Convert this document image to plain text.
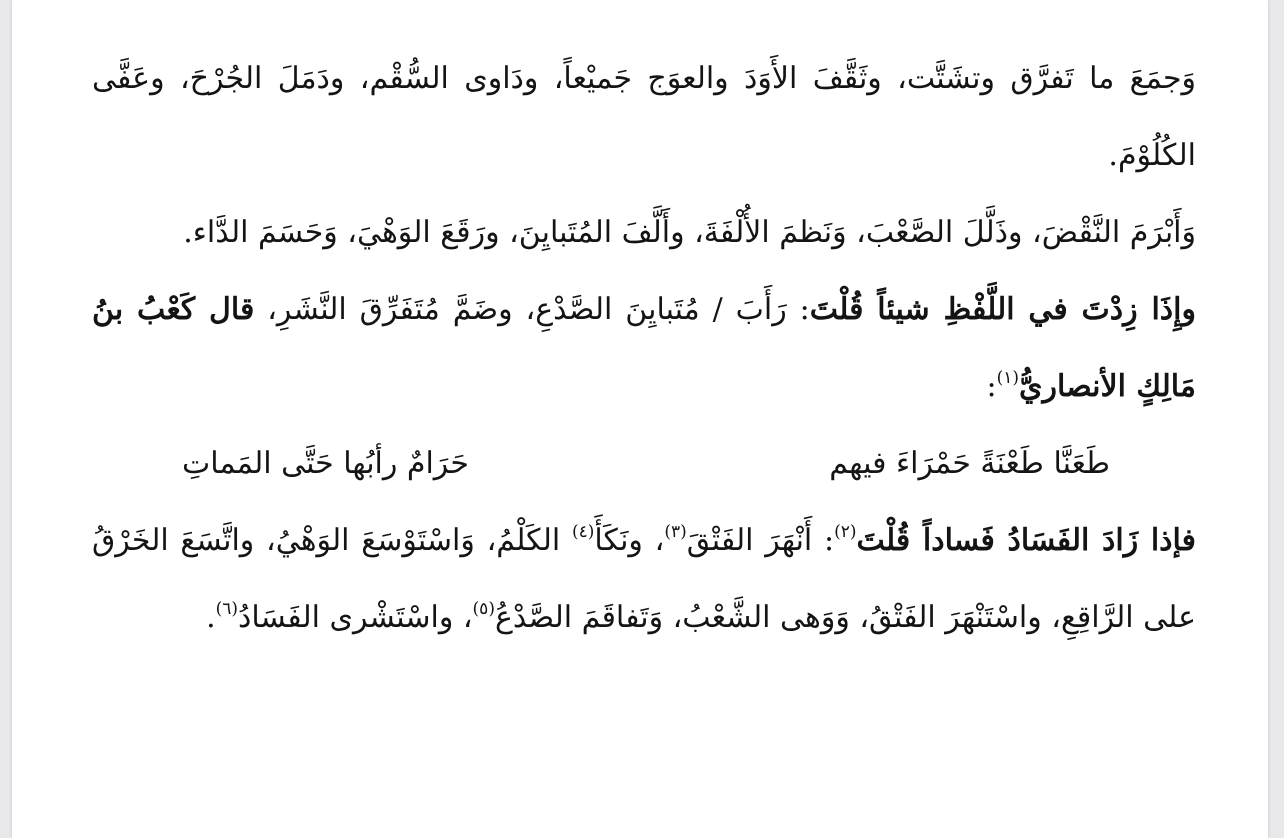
وَجمَعَ ما تَفرَّق وتشَتَّت، وثَقَّفَ الأَوَدَ والعوَج جَميْعاً، ودَاوى السُّقْم، ودَمَلَ الجُرْحَ، وعَفَّى الكُلُوْمَ.

وَأَبْرَمَ النَّقْضَ، وذَلَّلَ الصَّعْبَ، وَنَظمَ الأُلْفَةَ، وأَلَّفَ المُتَبايِنَ، ورَقَعَ الوَهْيَ، وَحَسَمَ الدَّاء.

وإِذَا زِدْتَ في اللَّفْظِ شيئاً قُلْتَ: رَأَبَ / مُتَبايِنَ الصَّدْعِ، وضَمَّ مُتَفَرِّقَ النَّشَرِ، قال كَعْبُ بنُ مَالِكٍ الأنصاريُّ$^{(١)}$:

طَعَنَّا طَعْنَةً حَمْرَاءَ فيهم
حَرَامٌ رأبُها حَتَّى المَماتِ

فإذا زَادَ الفَسَادُ فَساداً قُلْتَ$^{(٢)}$: أَنْهَرَ الفَتْقَ$^{(٣)}$، ونَكَأَ$^{(٤)}$ الكَلْمُ، وَاسْتَوْسَعَ الوَهْيُ، واتَّسَعَ الخَرْقُ على الرَّاقِعِ، واسْتَنْهَرَ الفَتْقُ، وَوَهى الشَّعْبُ، وَتَفاقَمَ الصَّدْعُ$^{(٥)}$، واسْتَشْرى الفَسَادُ$^{(٦)}$.
